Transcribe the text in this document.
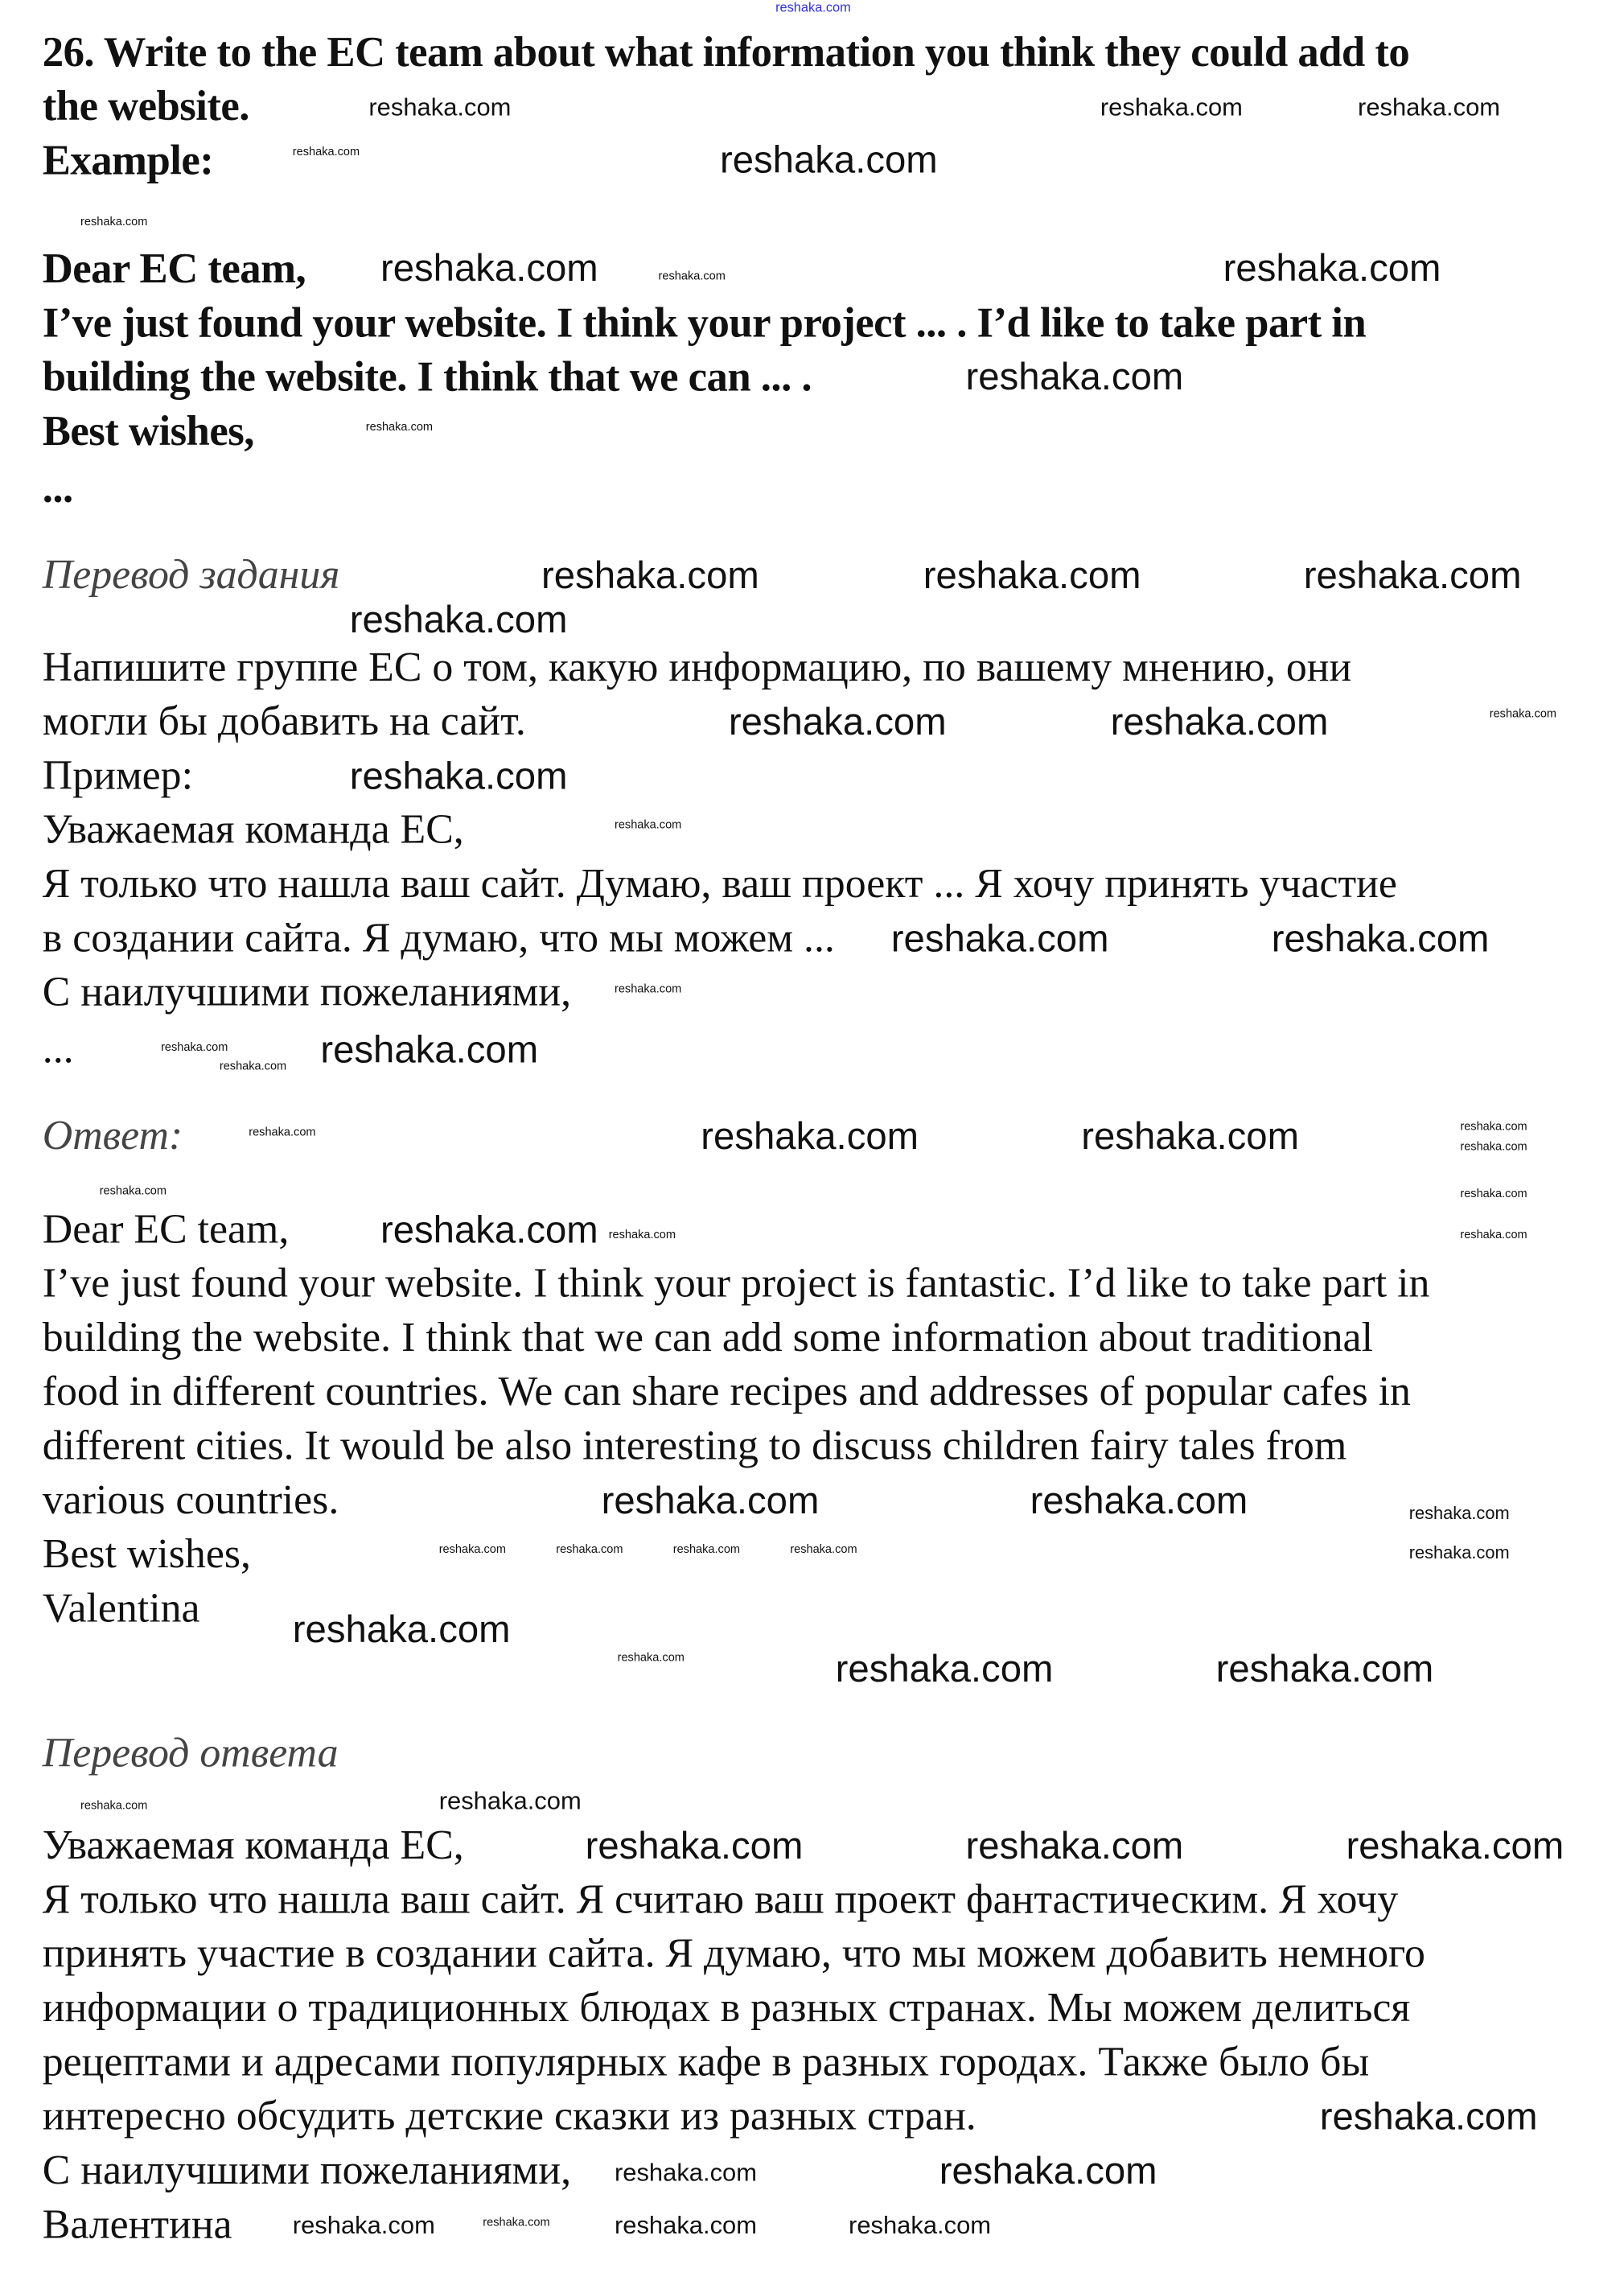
26. Write to the EC team about what information you think they could add to
the website.
Example:
Dear EC team,
I’ve just found your website. I think your project ... . I’d like to take part in
building the website. I think that we can ... .
Best wishes,
...
Перевод задания
Напишите группе ЕС о том, какую информацию, по вашему мнению, они
могли бы добавить на сайт.
Пример:
Уважаемая команда ЕС,
Я только что нашла ваш сайт. Думаю, ваш проект ... Я хочу принять участие
в создании сайта. Я думаю, что мы можем ...
С наилучшими пожеланиями,
...
Ответ:
Dear EC team,
I’ve just found your website. I think your project is fantastic. I’d like to take part in
building the website. I think that we can add some information about traditional
food in different countries. We can share recipes and addresses of popular cafes in
different cities. It would be also interesting to discuss children fairy tales from
various countries.
Best wishes,
Valentina
Перевод ответа
Уважаемая команда ЕС,
Я только что нашла ваш сайт. Я считаю ваш проект фантастическим. Я хочу
принять участие в создании сайта. Я думаю, что мы можем добавить немного
информации о традиционных блюдах в разных странах. Мы можем делиться
рецептами и адресами популярных кафе в разных городах. Также было бы
интересно обсудить детские сказки из разных стран.
С наилучшими пожеланиями,
Валентина
reshaka.com
reshaka.com	reshaka.com	reshaka.com
reshaka.com	reshaka.com
reshaka.com
reshaka.com	reshaka.com
reshaka.com
reshaka.com
reshaka.com
reshaka.com	reshaka.com	reshaka.com
reshaka.com
reshaka.com	reshaka.com	reshaka.com
reshaka.com
reshaka.com
reshaka.com	reshaka.com
reshaka.com
reshaka.com
reshaka.com reshaka.com
reshaka.com	reshaka.com	reshaka.com
reshaka.com
reshaka.com
reshaka.com	reshaka.com
reshaka.com reshaka.com	reshaka.com
reshaka.com	reshaka.com	reshaka.com
reshaka.com	reshaka.com	reshaka.com	reshaka.com	reshaka.com
reshaka.com
reshaka.com	reshaka.com
reshaka.com
reshaka.com
reshaka.com
reshaka.com	reshaka.com	reshaka.com
reshaka.com
reshaka.com	reshaka.com
reshaka.com	reshaka.com	reshaka.com	reshaka.com
